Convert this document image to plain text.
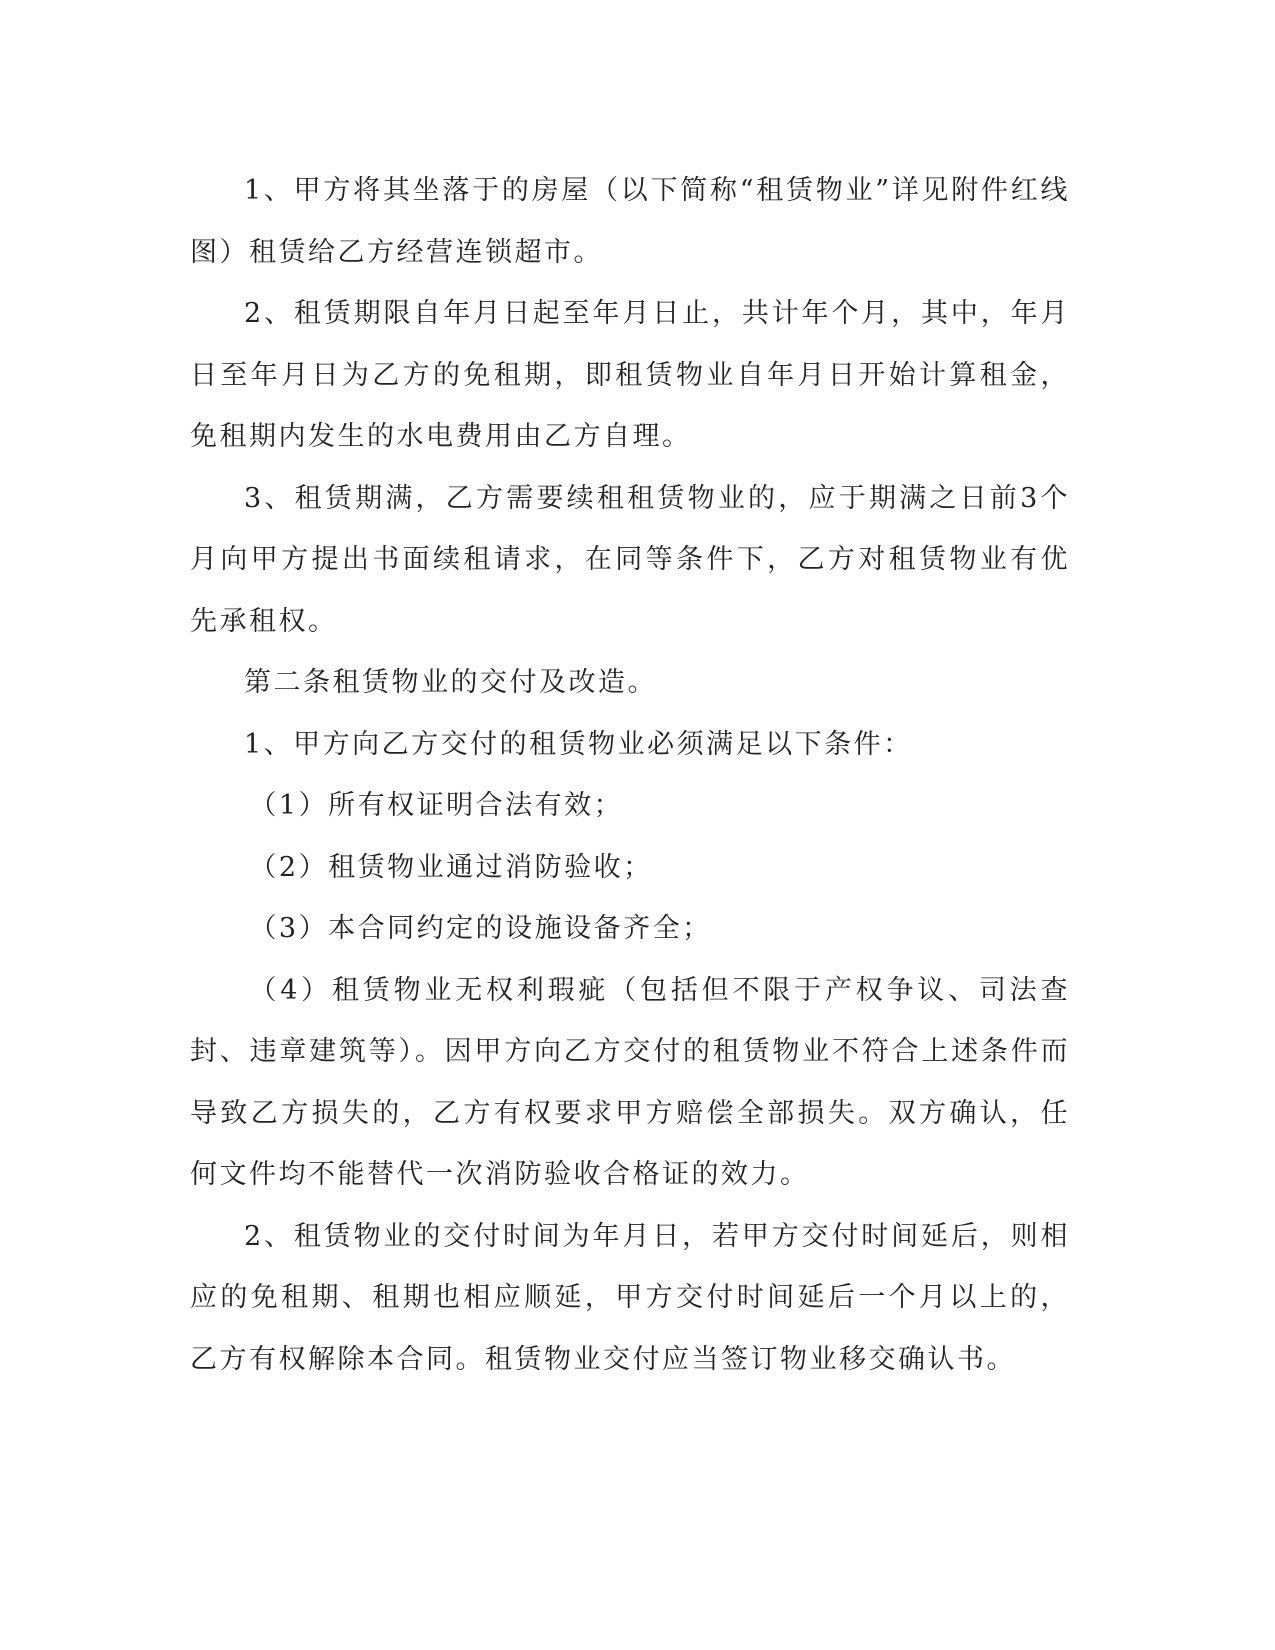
1、甲方将其坐落于的房屋（以下简称“租赁物业”详见附件红线图）租赁给乙方经营连锁超市。

2、租赁期限自年月日起至年月日止，共计年个月，其中，年月日至年月日为乙方的免租期，即租赁物业自年月日开始计算租金，免租期内发生的水电费用由乙方自理。

3、租赁期满，乙方需要续租租赁物业的，应于期满之日前3个月向甲方提出书面续租请求，在同等条件下，乙方对租赁物业有优先承租权。

第二条租赁物业的交付及改造。

1、甲方向乙方交付的租赁物业必须满足以下条件：

（1）所有权证明合法有效；

（2）租赁物业通过消防验收；

（3）本合同约定的设施设备齐全；

（4）租赁物业无权利瑕疵（包括但不限于产权争议、司法查封、违章建筑等）。因甲方向乙方交付的租赁物业不符合上述条件而导致乙方损失的，乙方有权要求甲方赔偿全部损失。双方确认，任何文件均不能替代一次消防验收合格证的效力。

2、租赁物业的交付时间为年月日，若甲方交付时间延后，则相应的免租期、租期也相应顺延，甲方交付时间延后一个月以上的，乙方有权解除本合同。租赁物业交付应当签订物业移交确认书。
